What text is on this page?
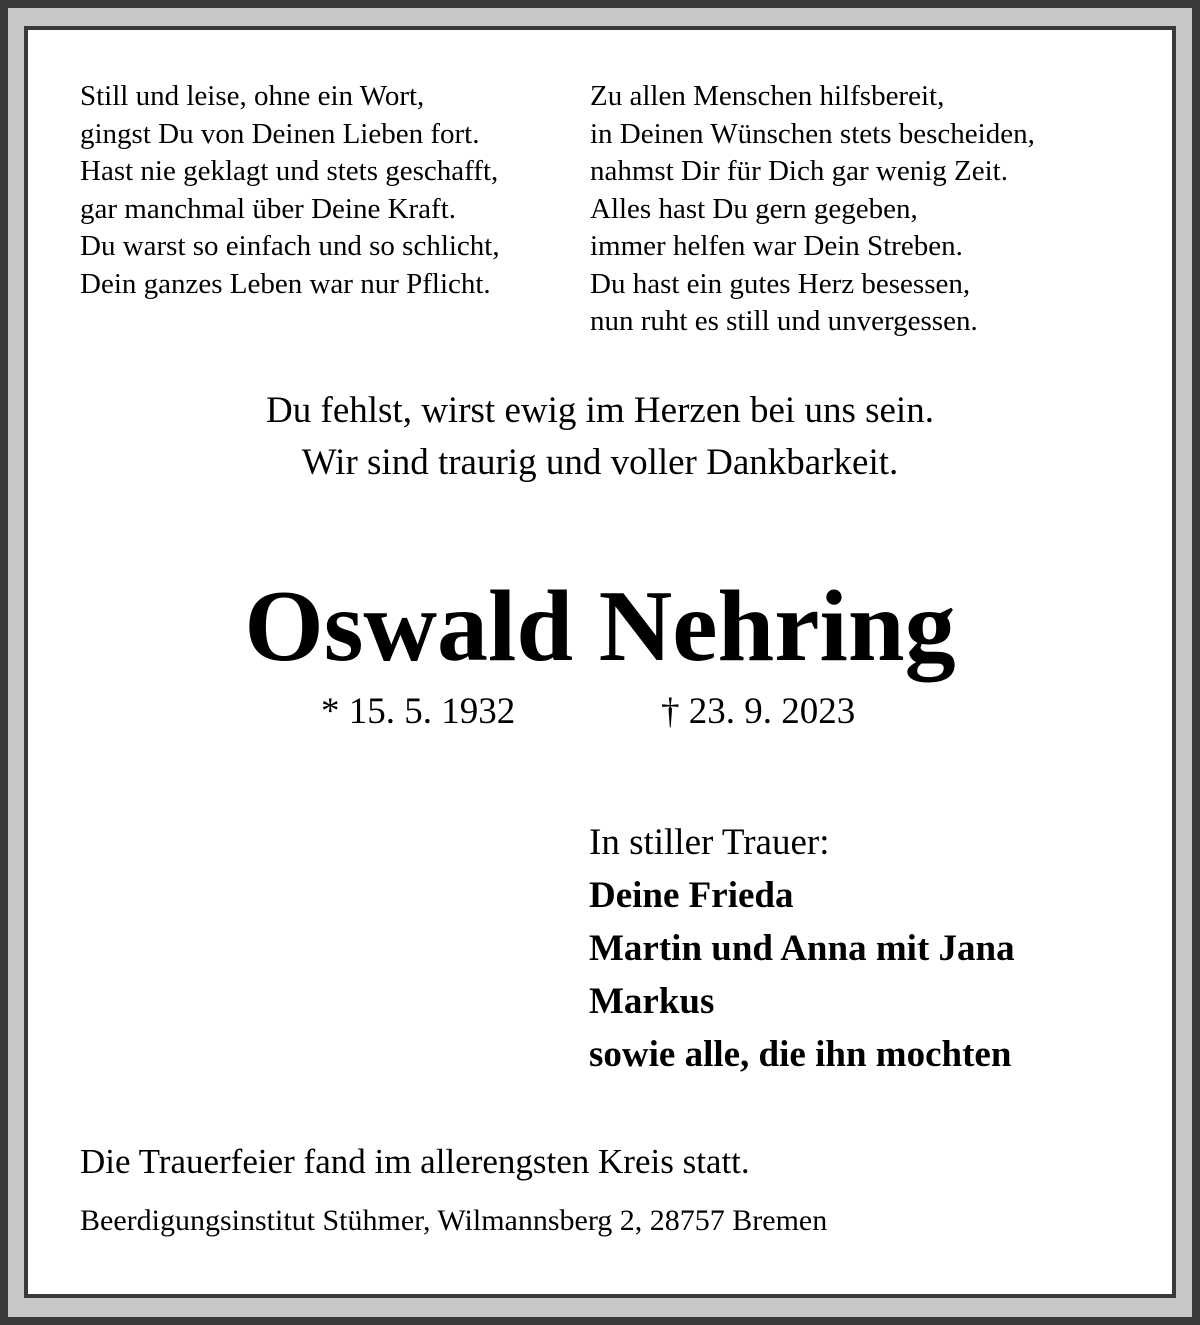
Still und leise, ohne ein Wort,
gingst Du von Deinen Lieben fort.
Hast nie geklagt und stets geschafft,
gar manchmal über Deine Kraft.
Du warst so einfach und so schlicht,
Dein ganzes Leben war nur Pflicht.
Zu allen Menschen hilfsbereit,
in Deinen Wünschen stets bescheiden,
nahmst Dir für Dich gar wenig Zeit.
Alles hast Du gern gegeben,
immer helfen war Dein Streben.
Du hast ein gutes Herz besessen,
nun ruht es still und unvergessen.
Du fehlst, wirst ewig im Herzen bei uns sein.
Wir sind traurig und voller Dankbarkeit.
Oswald Nehring
* 15. 5. 1932	† 23. 9. 2023
In stiller Trauer:
Deine Frieda
Martin und Anna mit Jana
Markus
sowie alle, die ihn mochten
Die Trauerfeier fand im allerengsten Kreis statt.
Beerdigungsinstitut Stühmer, Wilmannsberg 2, 28757 Bremen
